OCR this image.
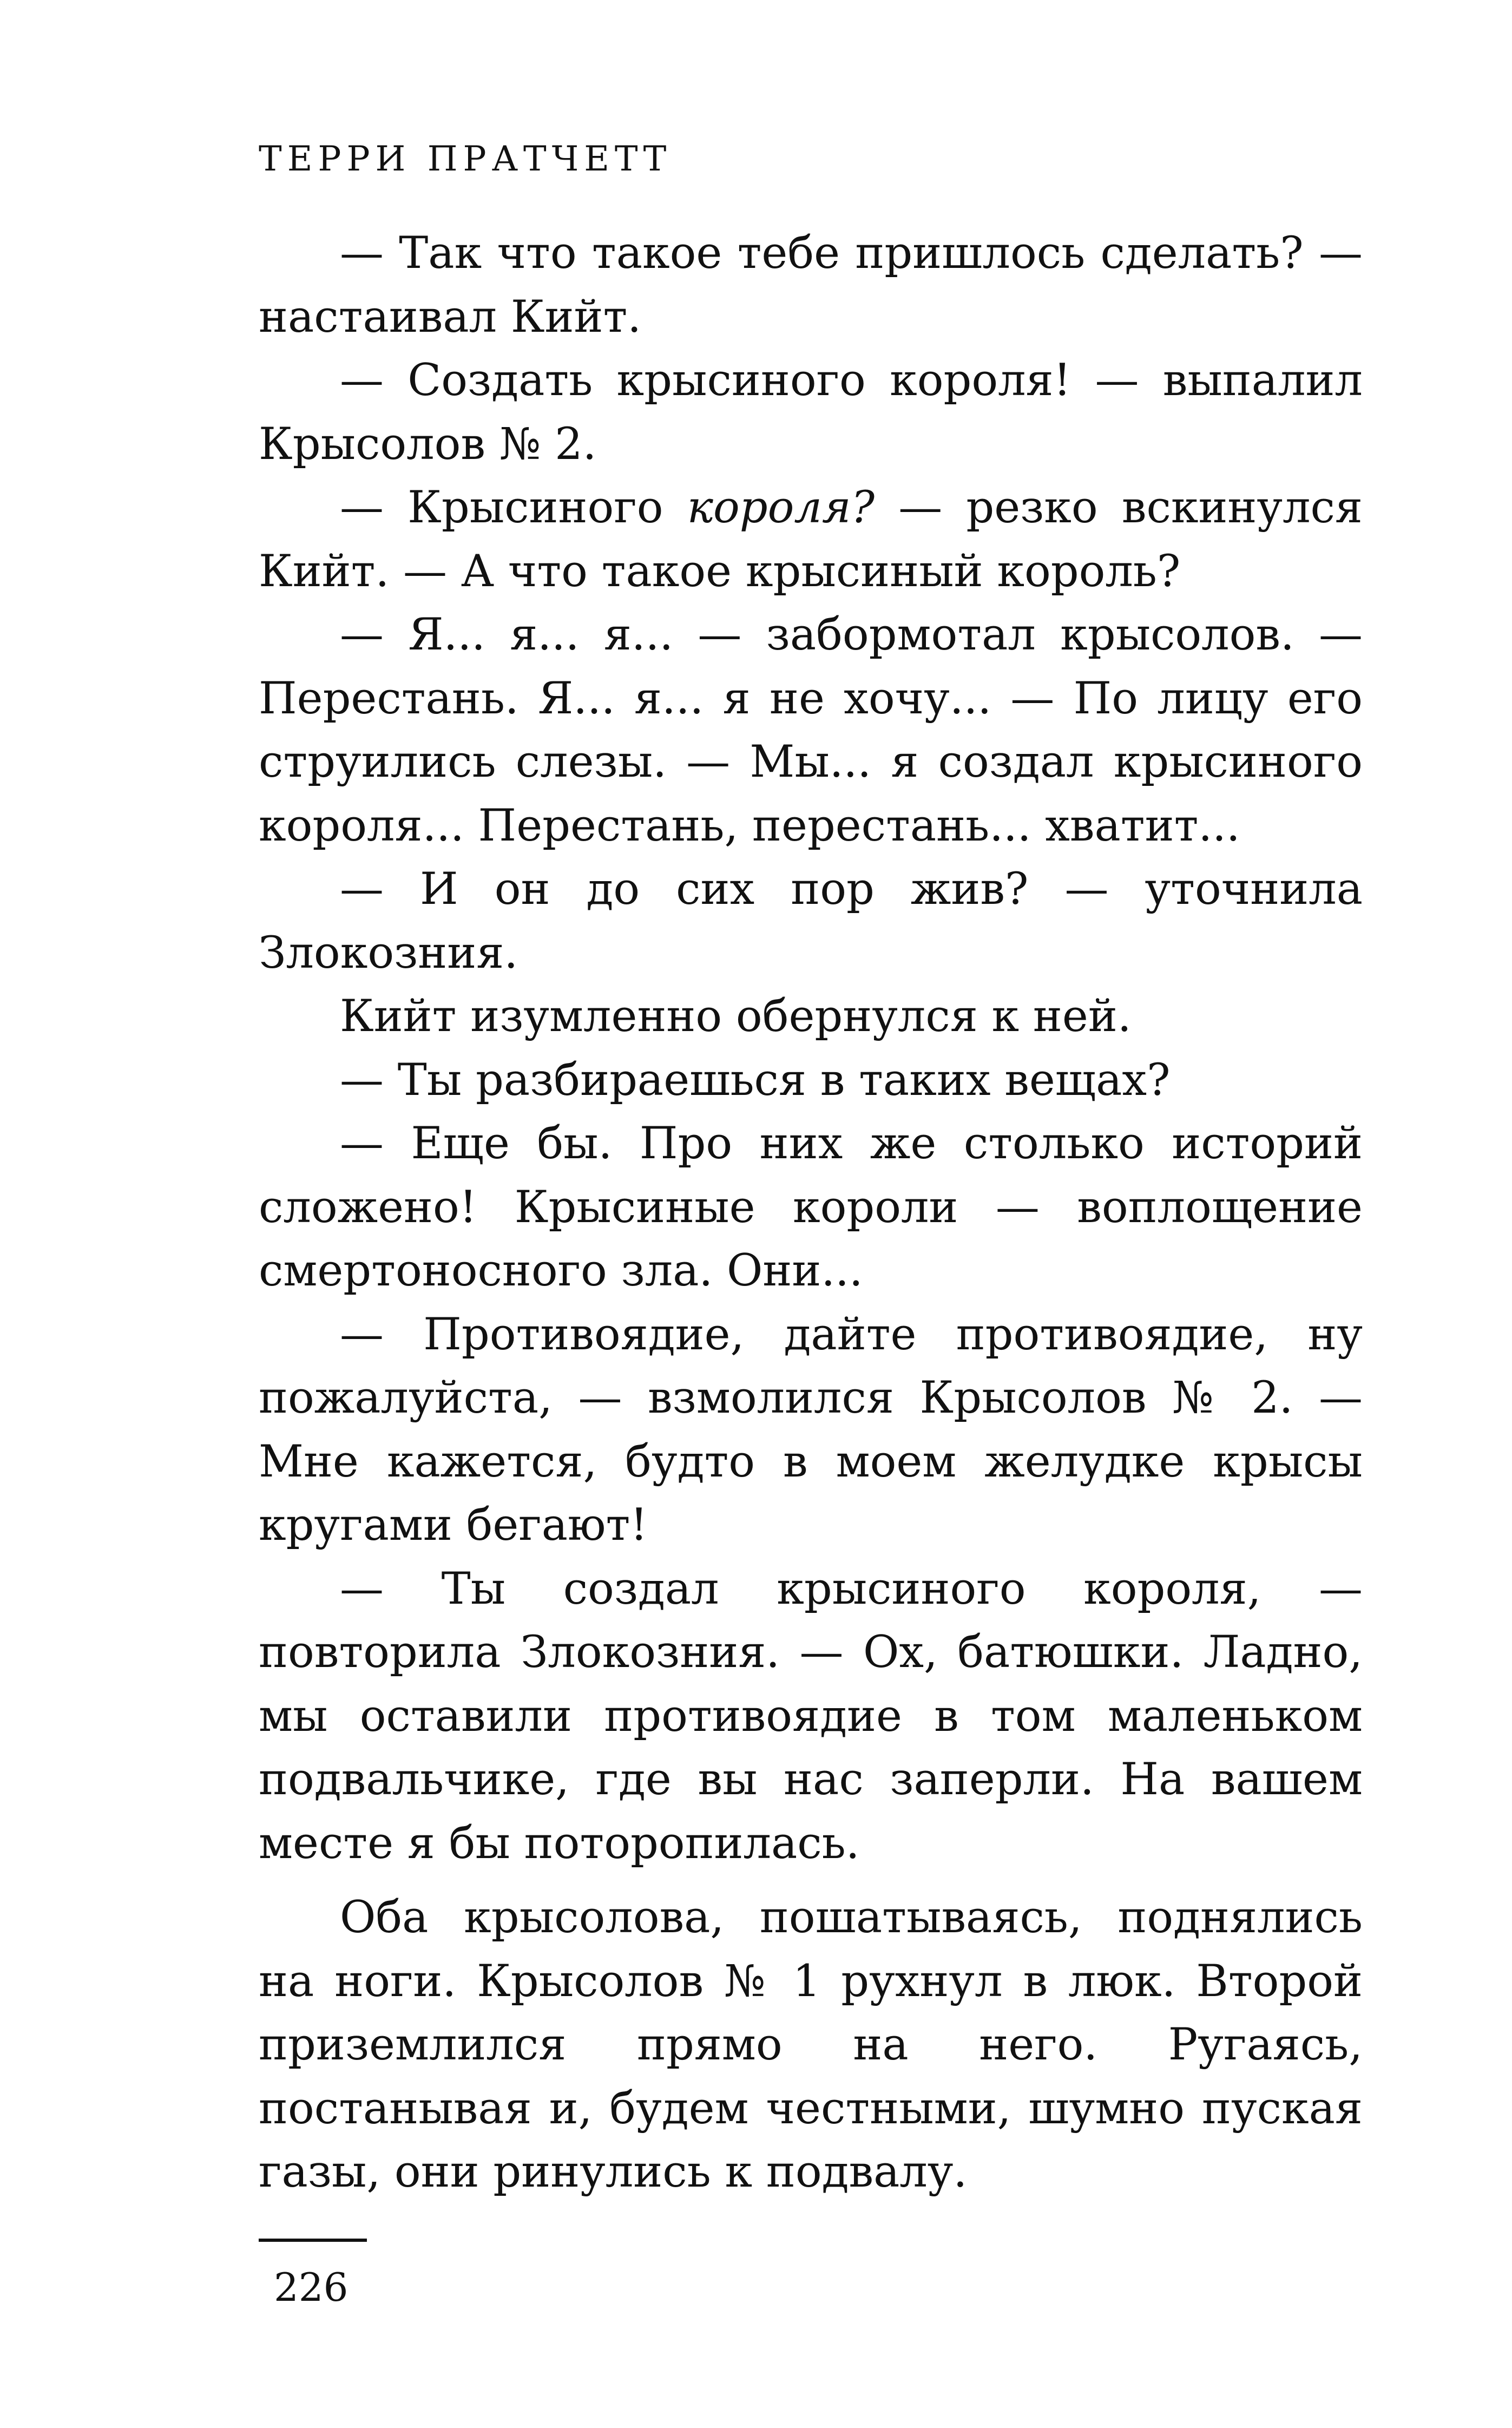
ТЕРРИ ПРАТЧЕТТ

— Так что такое тебе пришлось сделать? — настаивал Кийт.

— Создать крысиного короля! — выпалил Крысолов № 2.

— Крысиного короля? — резко вскинулся Кийт. — А что такое крысиный король?

— Я... я... я... — забормотал крысолов. — Перестань. Я... я... я не хочу... — По лицу его струились слезы. — Мы... я создал крысиного короля... Перестань, перестань... хватит...

— И он до сих пор жив? — уточнила Злокозния.

Кийт изумленно обернулся к ней.

— Ты разбираешься в таких вещах?

— Еще бы. Про них же столько историй сложено! Крысиные короли — воплощение смертоносного зла. Они...

— Противоядие, дайте противоядие, ну пожалуйста, — взмолился Крысолов № 2. — Мне кажется, будто в моем желудке крысы кругами бегают!

— Ты создал крысиного короля, — повторила Злокозния. — Ох, батюшки. Ладно, мы оставили противоядие в том маленьком подвальчике, где вы нас заперли. На вашем месте я бы поторопилась.

Оба крысолова, пошатываясь, поднялись на ноги. Крысолов № 1 рухнул в люк. Второй приземлился прямо на него. Ругаясь, постанывая и, будем честными, шумно пуская газы, они ринулись к подвалу.

226
